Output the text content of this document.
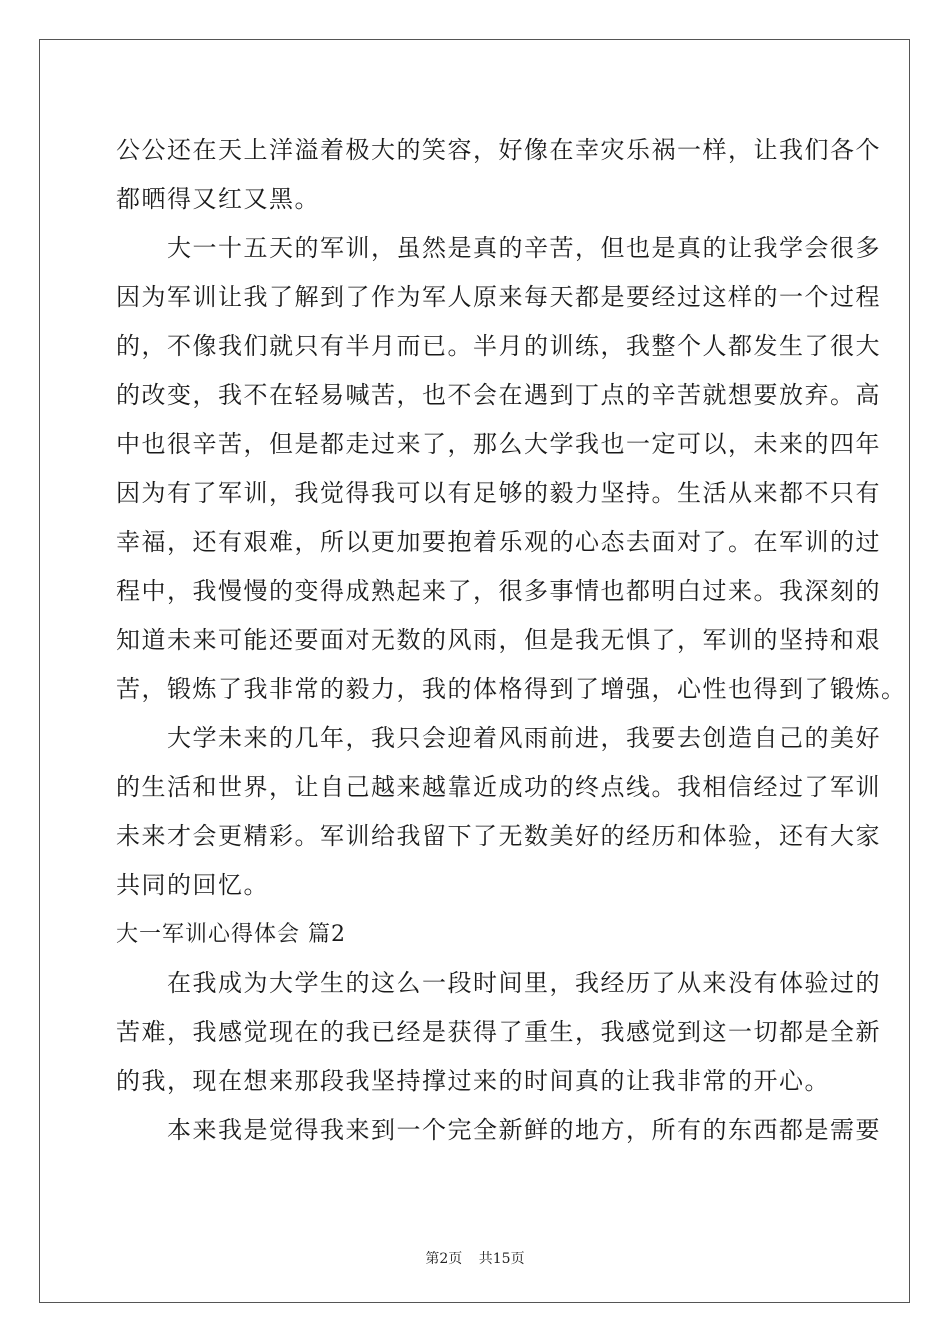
公公还在天上洋溢着极大的笑容，好像在幸灾乐祸一样，让我们各个
都晒得又红又黑。
　　大一十五天的军训，虽然是真的辛苦，但也是真的让我学会很多
因为军训让我了解到了作为军人原来每天都是要经过这样的一个过程
的，不像我们就只有半月而已。半月的训练，我整个人都发生了很大
的改变，我不在轻易喊苦，也不会在遇到丁点的辛苦就想要放弃。高
中也很辛苦，但是都走过来了，那么大学我也一定可以，未来的四年
因为有了军训，我觉得我可以有足够的毅力坚持。生活从来都不只有
幸福，还有艰难，所以更加要抱着乐观的心态去面对了。在军训的过
程中，我慢慢的变得成熟起来了，很多事情也都明白过来。我深刻的
知道未来可能还要面对无数的风雨，但是我无惧了，军训的坚持和艰
苦，锻炼了我非常的毅力，我的体格得到了增强，心性也得到了锻炼。
　　大学未来的几年，我只会迎着风雨前进，我要去创造自己的美好
的生活和世界，让自己越来越靠近成功的终点线。我相信经过了军训
未来才会更精彩。军训给我留下了无数美好的经历和体验，还有大家
共同的回忆。
大一军训心得体会 篇2
　　在我成为大学生的这么一段时间里，我经历了从来没有体验过的
苦难，我感觉现在的我已经是获得了重生，我感觉到这一切都是全新
的我，现在想来那段我坚持撑过来的时间真的让我非常的开心。
　　本来我是觉得我来到一个完全新鲜的地方，所有的东西都是需要
第2页 共15页
